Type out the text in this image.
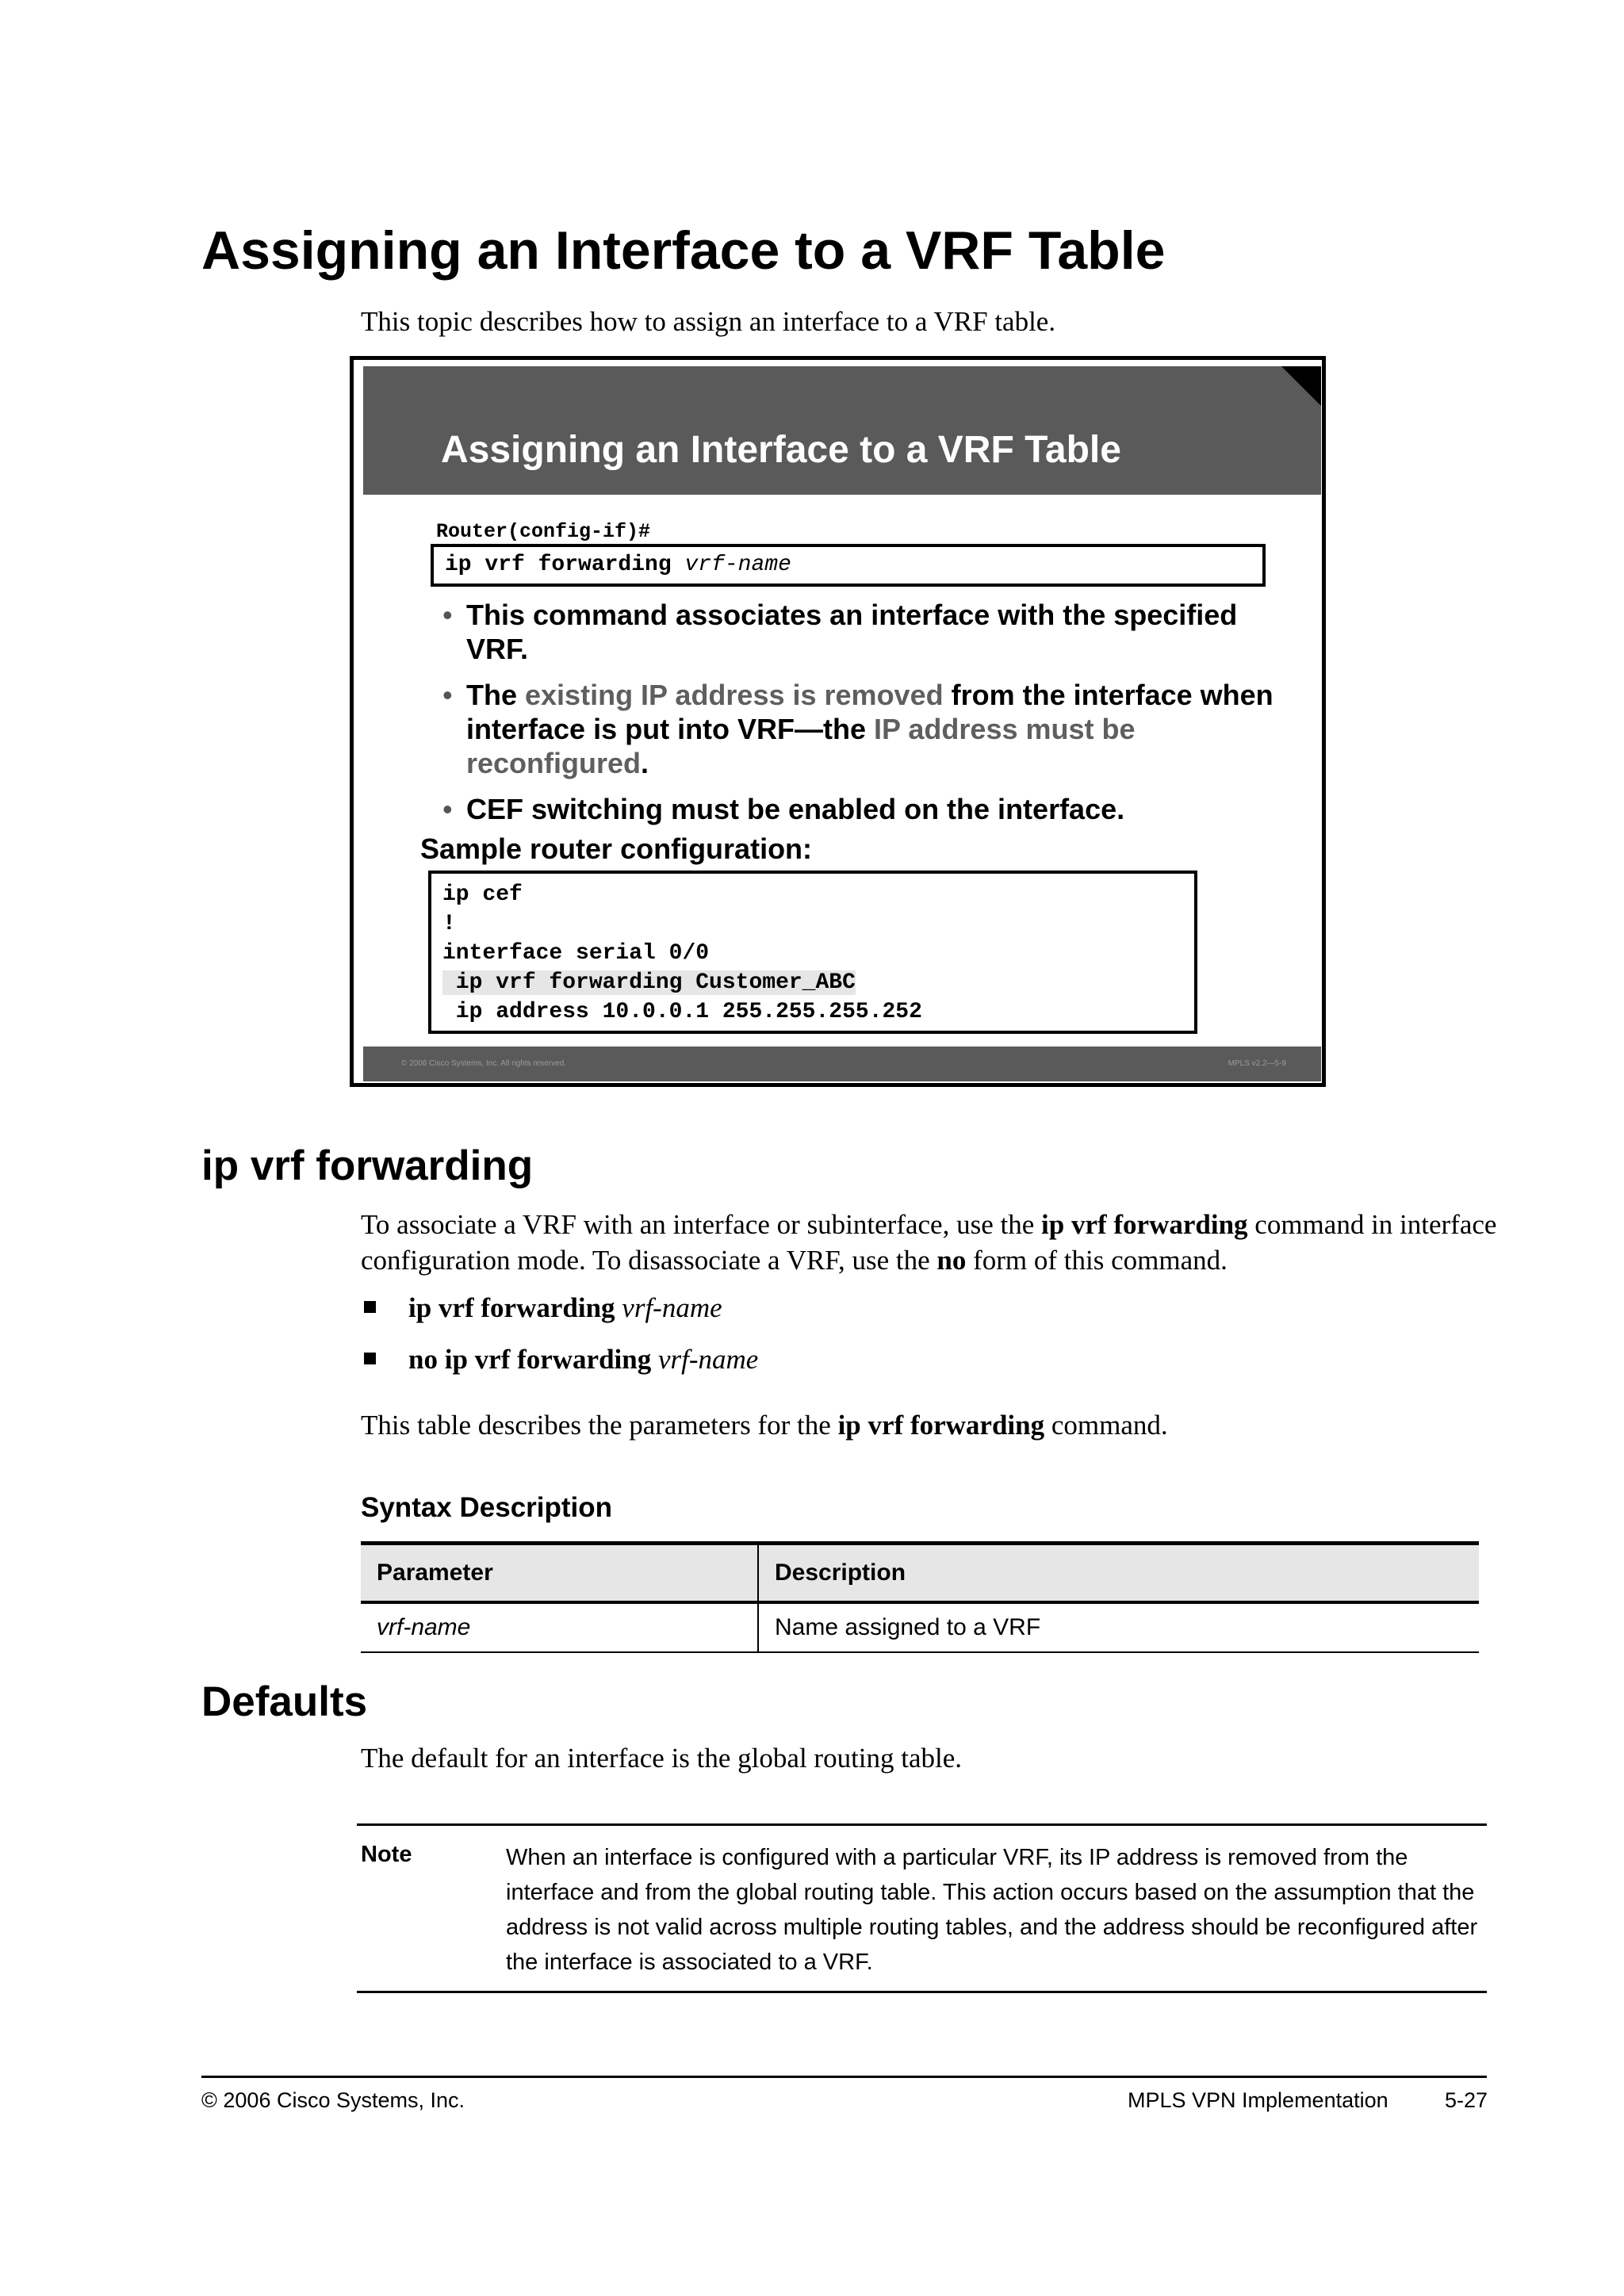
Assigning an Interface to a VRF Table
This topic describes how to assign an interface to a VRF table.
Assigning an Interface to a VRF Table
Router(config-if)#
ip vrf forwarding vrf-name
• This command associates an interface with the specified VRF.
• The existing IP address is removed from the interface when interface is put into VRF—the IP address must be reconfigured.
• CEF switching must be enabled on the interface.
Sample router configuration:
ip cef
!
interface serial 0/0
ip vrf forwarding Customer_ABC
ip address 10.0.0.1 255.255.255.252
© 2006 Cisco Systems, Inc. All rights reserved.	MPLS v2.2—5-9
ip vrf forwarding
To associate a VRF with an interface or subinterface, use the ip vrf forwarding command in interface configuration mode. To disassociate a VRF, use the no form of this command.
ip vrf forwarding vrf-name
no ip vrf forwarding vrf-name
This table describes the parameters for the ip vrf forwarding command.
Syntax Description
Parameter	Description
vrf-name	Name assigned to a VRF
Defaults
The default for an interface is the global routing table.
Note	When an interface is configured with a particular VRF, its IP address is removed from the interface and from the global routing table. This action occurs based on the assumption that the address is not valid across multiple routing tables, and the address should be reconfigured after the interface is associated to a VRF.
© 2006 Cisco Systems, Inc.	MPLS VPN Implementation	5-27
